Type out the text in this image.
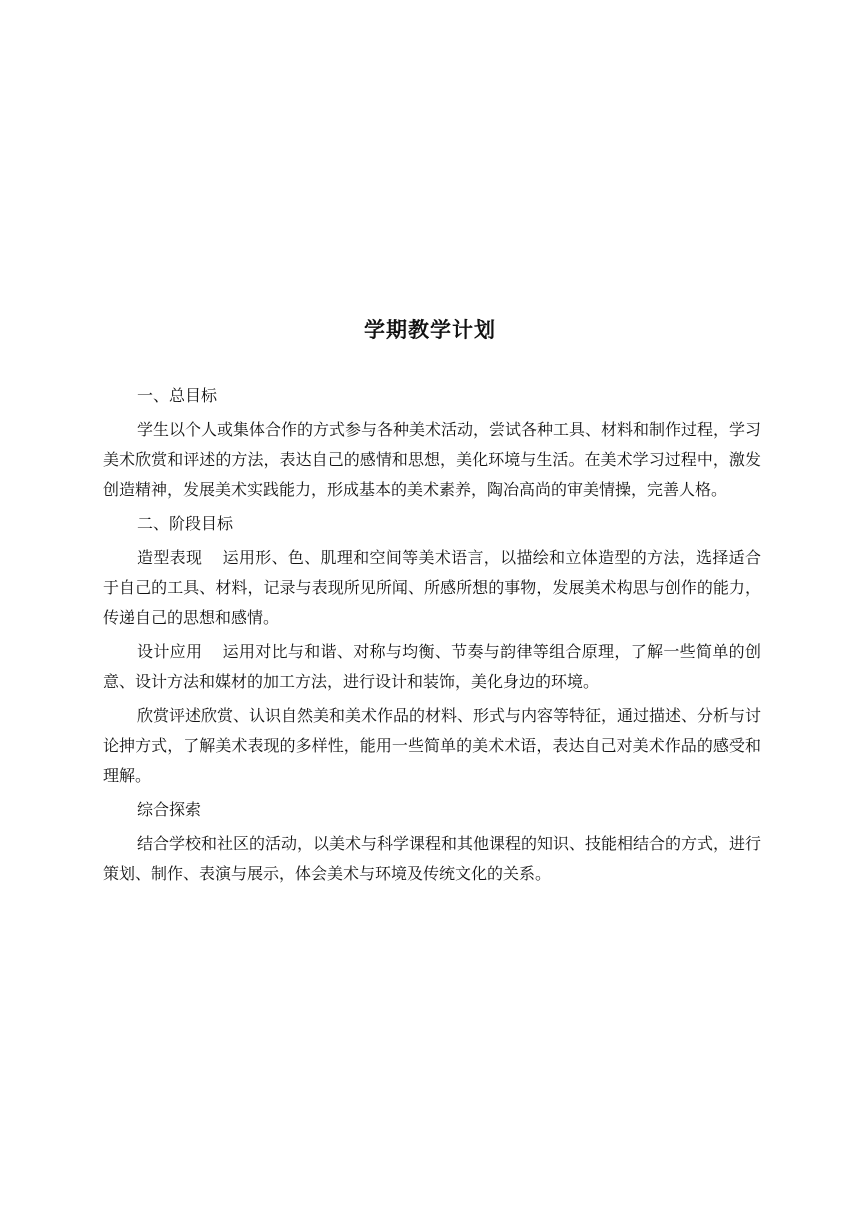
学期教学计划

一、总目标

学生以个人或集体合作的方式参与各种美术活动，尝试各种工具、材料和制作过程，学习美术欣赏和评述的方法，表达自己的感情和思想，美化环境与生活。在美术学习过程中，激发创造精神，发展美术实践能力，形成基本的美术素养，陶冶高尚的审美情操，完善人格。

二、阶段目标

造型表现 运用形、色、肌理和空间等美术语言，以描绘和立体造型的方法，选择适合于自己的工具、材料，记录与表现所见所闻、所感所想的事物，发展美术构思与创作的能力，传递自己的思想和感情。

设计应用 运用对比与和谐、对称与均衡、节奏与韵律等组合原理，了解一些简单的创意、设计方法和媒材的加工方法，进行设计和装饰，美化身边的环境。

欣赏评述欣赏、认识自然美和美术作品的材料、形式与内容等特征，通过描述、分析与讨论抻方式，了解美术表现的多样性，能用一些简单的美术术语，表达自己对美术作品的感受和理解。

综合探索

结合学校和社区的活动，以美术与科学课程和其他课程的知识、技能相结合的方式，进行策划、制作、表演与展示，体会美术与环境及传统文化的关系。
